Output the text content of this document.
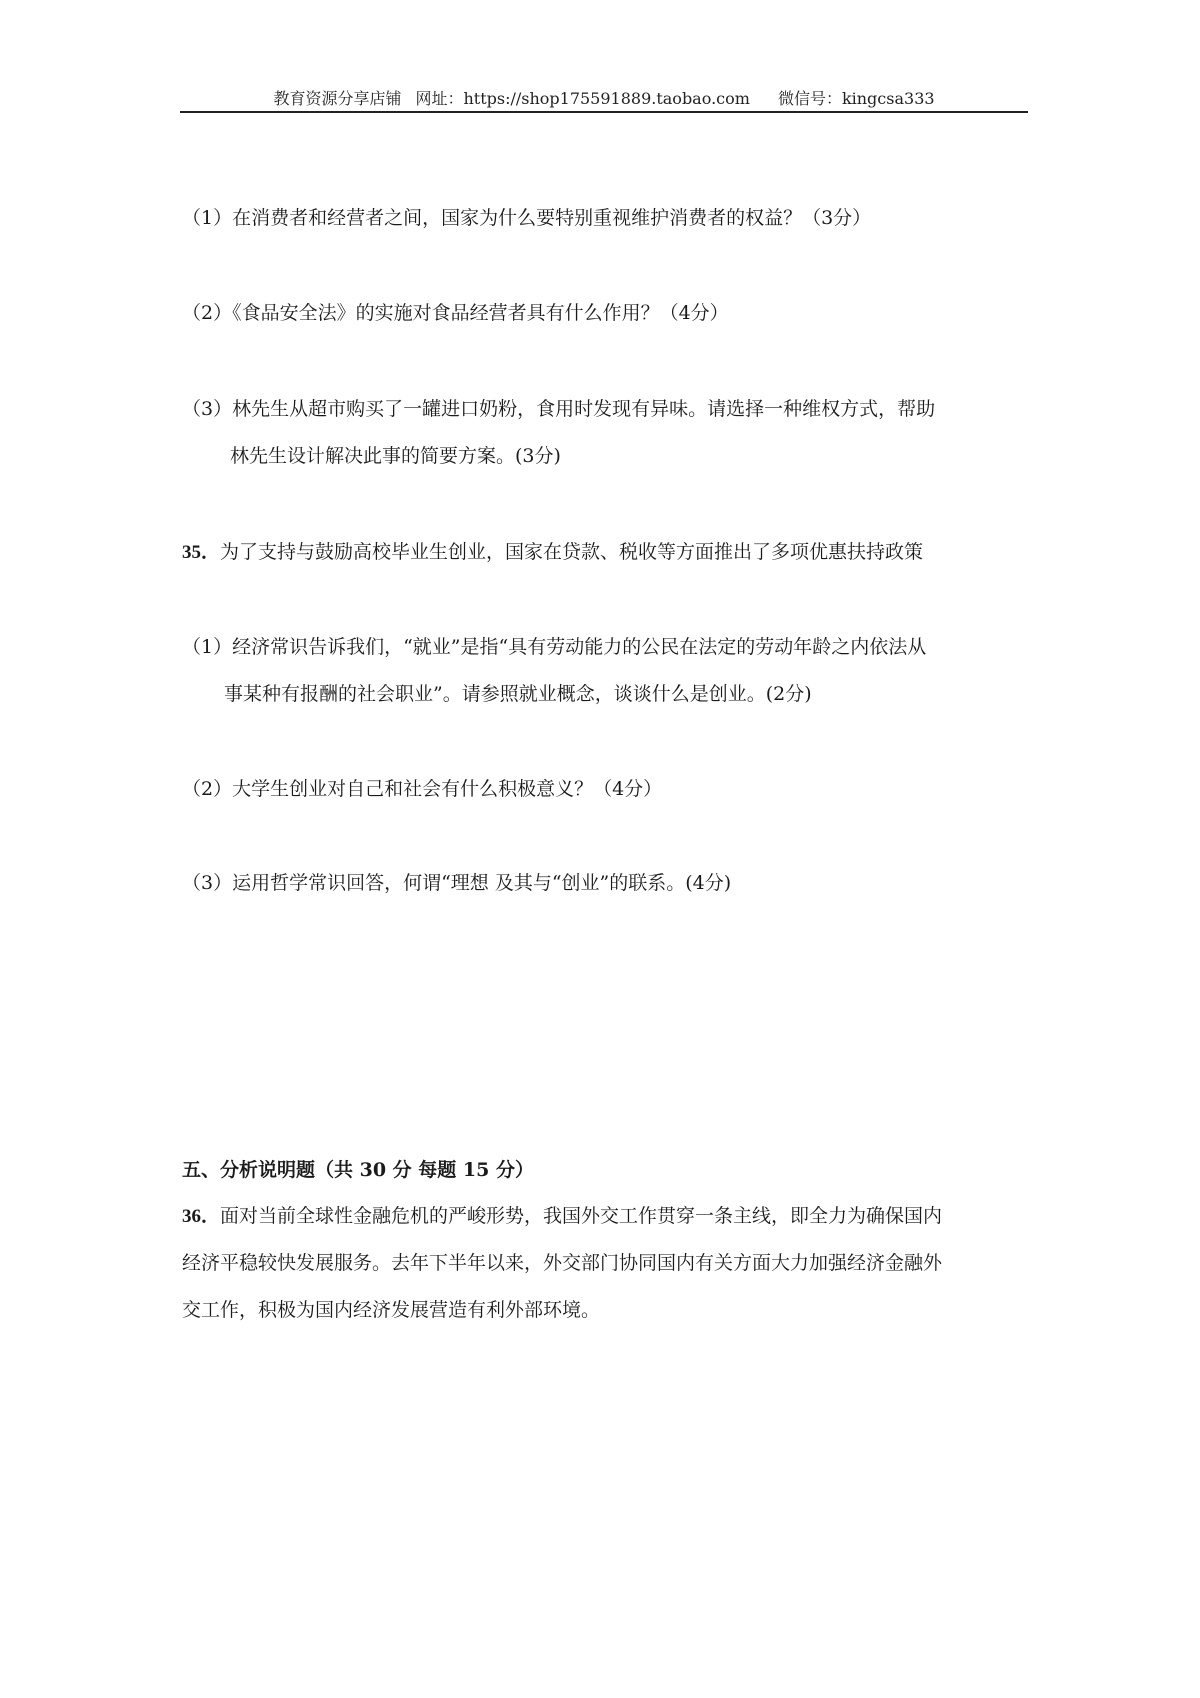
教育资源分享店铺 网址：https://shop175591889.taobao.com 微信号：kingcsa333
（1）在消费者和经营者之间，国家为什么要特别重视维护消费者的权益？（3分）
（2）《食品安全法》的实施对食品经营者具有什么作用？（4分）
（3）林先生从超市购买了一罐进口奶粉，食用时发现有异味。请选择一种维权方式，帮助
林先生设计解决此事的简要方案。(3分)
35．为了支持与鼓励高校毕业生创业，国家在贷款、税收等方面推出了多项优惠扶持政策
（1）经济常识告诉我们，“就业”是指“具有劳动能力的公民在法定的劳动年龄之内依法从
事某种有报酬的社会职业”。请参照就业概念，谈谈什么是创业。(2分)
（2）大学生创业对自己和社会有什么积极意义？（4分）
（3）运用哲学常识回答，何谓“理想 及其与“创业”的联系。(4分)
五、分析说明题（共 30 分 每题 15 分）
36．面对当前全球性金融危机的严峻形势，我国外交工作贯穿一条主线，即全力为确保国内
经济平稳较快发展服务。去年下半年以来，外交部门协同国内有关方面大力加强经济金融外
交工作，积极为国内经济发展营造有利外部环境。
